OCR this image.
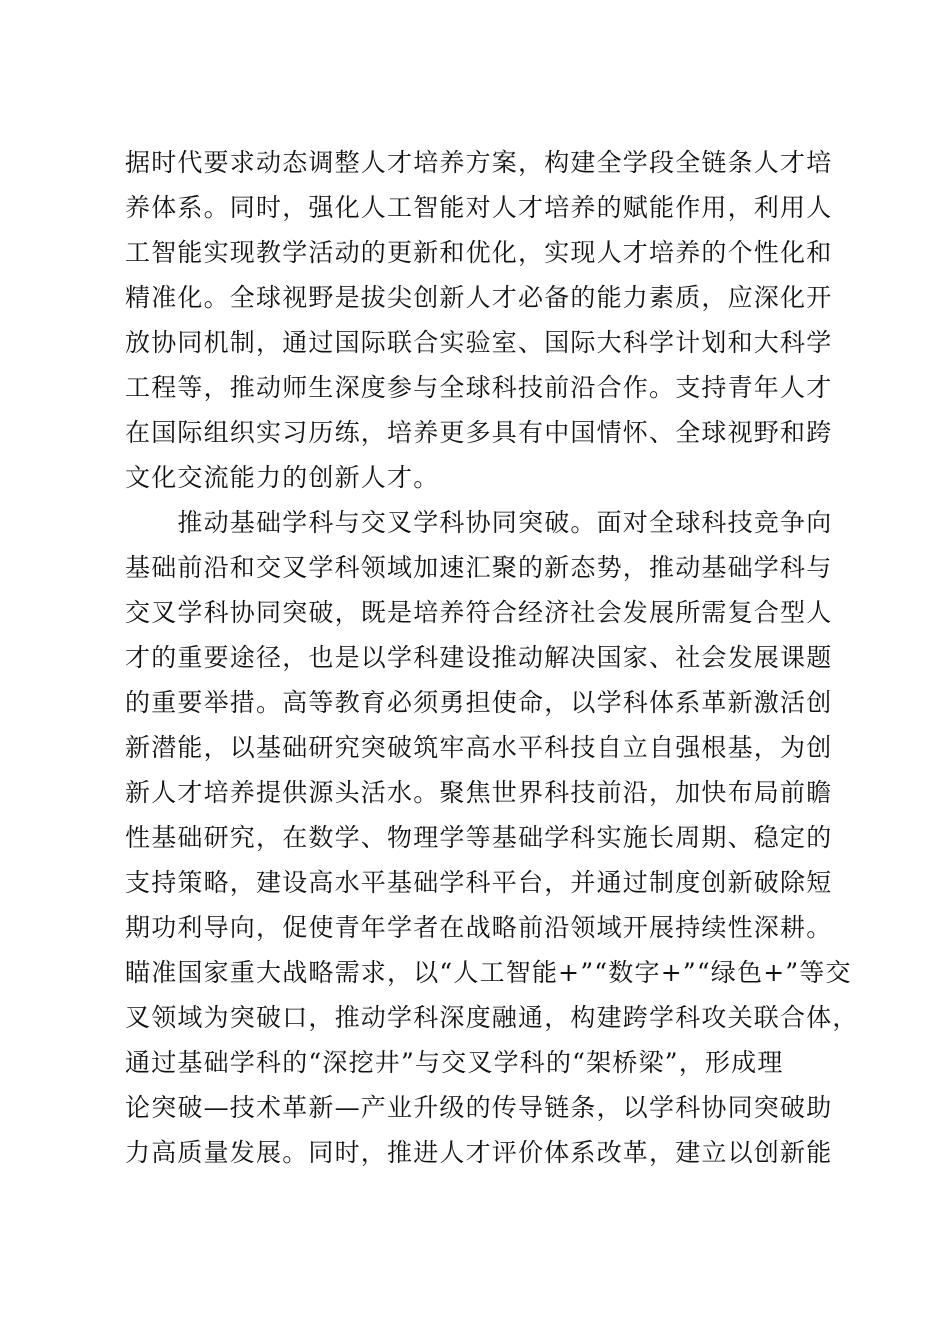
据时代要求动态调整人才培养方案，构建全学段全链条人才培
养体系。同时，强化人工智能对人才培养的赋能作用，利用人
工智能实现教学活动的更新和优化，实现人才培养的个性化和
精准化。全球视野是拔尖创新人才必备的能力素质，应深化开
放协同机制，通过国际联合实验室、国际大科学计划和大科学
工程等，推动师生深度参与全球科技前沿合作。支持青年人才
在国际组织实习历练，培养更多具有中国情怀、全球视野和跨
文化交流能力的创新人才。
　　推动基础学科与交叉学科协同突破。面对全球科技竞争向
基础前沿和交叉学科领域加速汇聚的新态势，推动基础学科与
交叉学科协同突破，既是培养符合经济社会发展所需复合型人
才的重要途径，也是以学科建设推动解决国家、社会发展课题
的重要举措。高等教育必须勇担使命，以学科体系革新激活创
新潜能，以基础研究突破筑牢高水平科技自立自强根基，为创
新人才培养提供源头活水。聚焦世界科技前沿，加快布局前瞻
性基础研究，在数学、物理学等基础学科实施长周期、稳定的
支持策略，建设高水平基础学科平台，并通过制度创新破除短
期功利导向，促使青年学者在战略前沿领域开展持续性深耕。
瞄准国家重大战略需求，以“人工智能+”“数字+”“绿色+”等交
叉领域为突破口，推动学科深度融通，构建跨学科攻关联合体，
通过基础学科的“深挖井”与交叉学科的“架桥梁”，形成理
论突破—技术革新—产业升级的传导链条，以学科协同突破助
力高质量发展。同时，推进人才评价体系改革，建立以创新能
